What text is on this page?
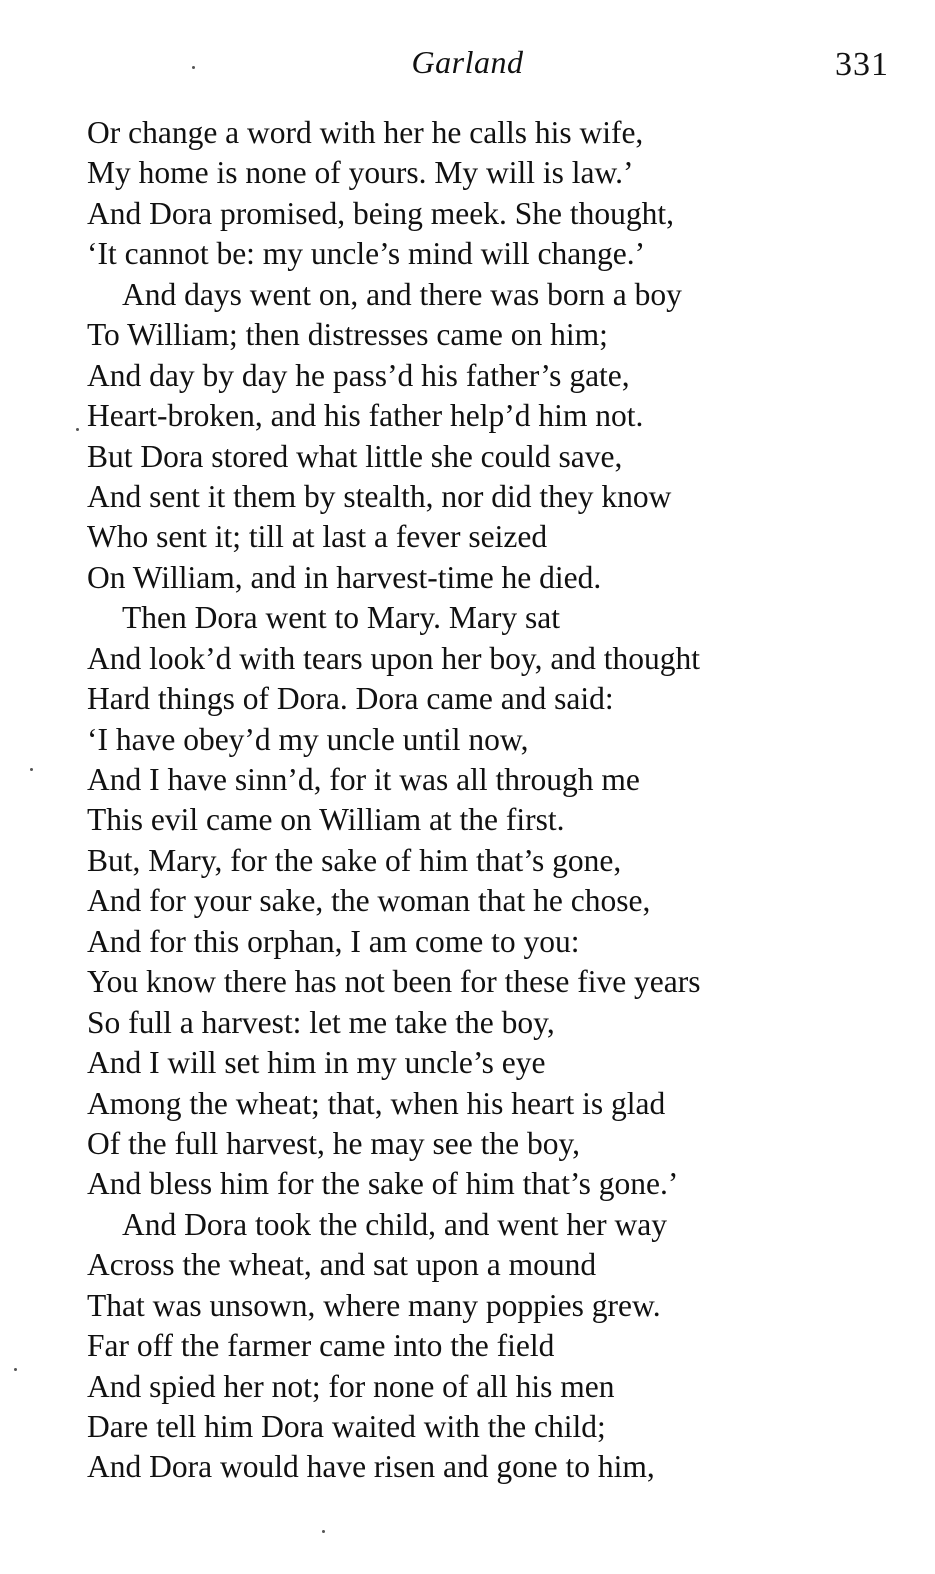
Garland	331
Or change a word with her he calls his wife,
My home is none of yours. My will is law.’
And Dora promised, being meek. She thought,
‘It cannot be: my uncle’s mind will change.’
And days went on, and there was born a boy
To William; then distresses came on him;
And day by day he pass’d his father’s gate,
Heart-broken, and his father help’d him not.
But Dora stored what little she could save,
And sent it them by stealth, nor did they know
Who sent it; till at last a fever seized
On William, and in harvest-time he died.
Then Dora went to Mary. Mary sat
And look’d with tears upon her boy, and thought
Hard things of Dora. Dora came and said:
‘I have obey’d my uncle until now,
And I have sinn’d, for it was all through me
This evil came on William at the first.
But, Mary, for the sake of him that’s gone,
And for your sake, the woman that he chose,
And for this orphan, I am come to you:
You know there has not been for these five years
So full a harvest: let me take the boy,
And I will set him in my uncle’s eye
Among the wheat; that, when his heart is glad
Of the full harvest, he may see the boy,
And bless him for the sake of him that’s gone.’
And Dora took the child, and went her way
Across the wheat, and sat upon a mound
That was unsown, where many poppies grew.
Far off the farmer came into the field
And spied her not; for none of all his men
Dare tell him Dora waited with the child;
And Dora would have risen and gone to him,
